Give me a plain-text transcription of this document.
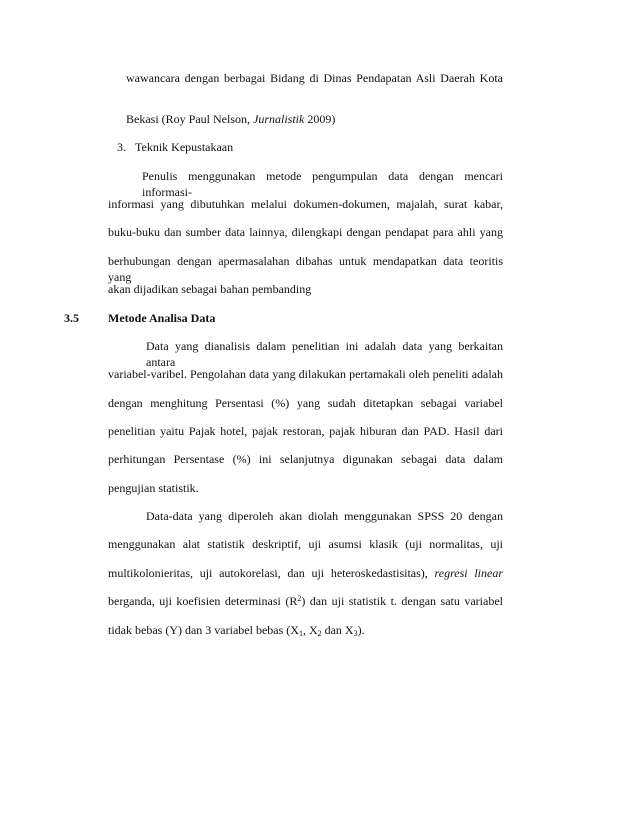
wawancara dengan berbagai Bidang di Dinas Pendapatan Asli Daerah Kota
Bekasi (Roy Paul Nelson, Jurnalistik 2009)
3. Teknik Kepustakaan
Penulis menggunakan metode pengumpulan data dengan mencari informasi-
informasi yang dibutuhkan melalui dokumen-dokumen, majalah, surat kabar,
buku-buku dan sumber data lainnya, dilengkapi dengan pendapat para ahli yang
berhubungan dengan apermasalahan dibahas untuk mendapatkan data teoritis yang
akan dijadikan sebagai bahan pembanding
3.5 Metode Analisa Data
Data yang dianalisis dalam penelitian ini adalah data yang berkaitan antara
variabel-varibel. Pengolahan data yang dilakukan pertamakali oleh peneliti adalah
dengan menghitung Persentasi (%) yang sudah ditetapkan sebagai variabel
penelitian yaitu Pajak hotel, pajak restoran, pajak hiburan dan PAD. Hasil dari
perhitungan Persentase (%) ini selanjutnya digunakan sebagai data dalam
pengujian statistik.
Data-data yang diperoleh akan diolah menggunakan SPSS 20 dengan
menggunakan alat statistik deskriptif, uji asumsi klasik (uji normalitas, uji
multikolonieritas, uji autokorelasi, dan uji heteroskedastisitas), regresi linear
berganda, uji koefisien determinasi $(R^2)$ dan uji statistik t. dengan satu variabel
tidak bebas (Y) dan 3 variabel bebas ($X_1$, $X_2$ dan $X_3$).
